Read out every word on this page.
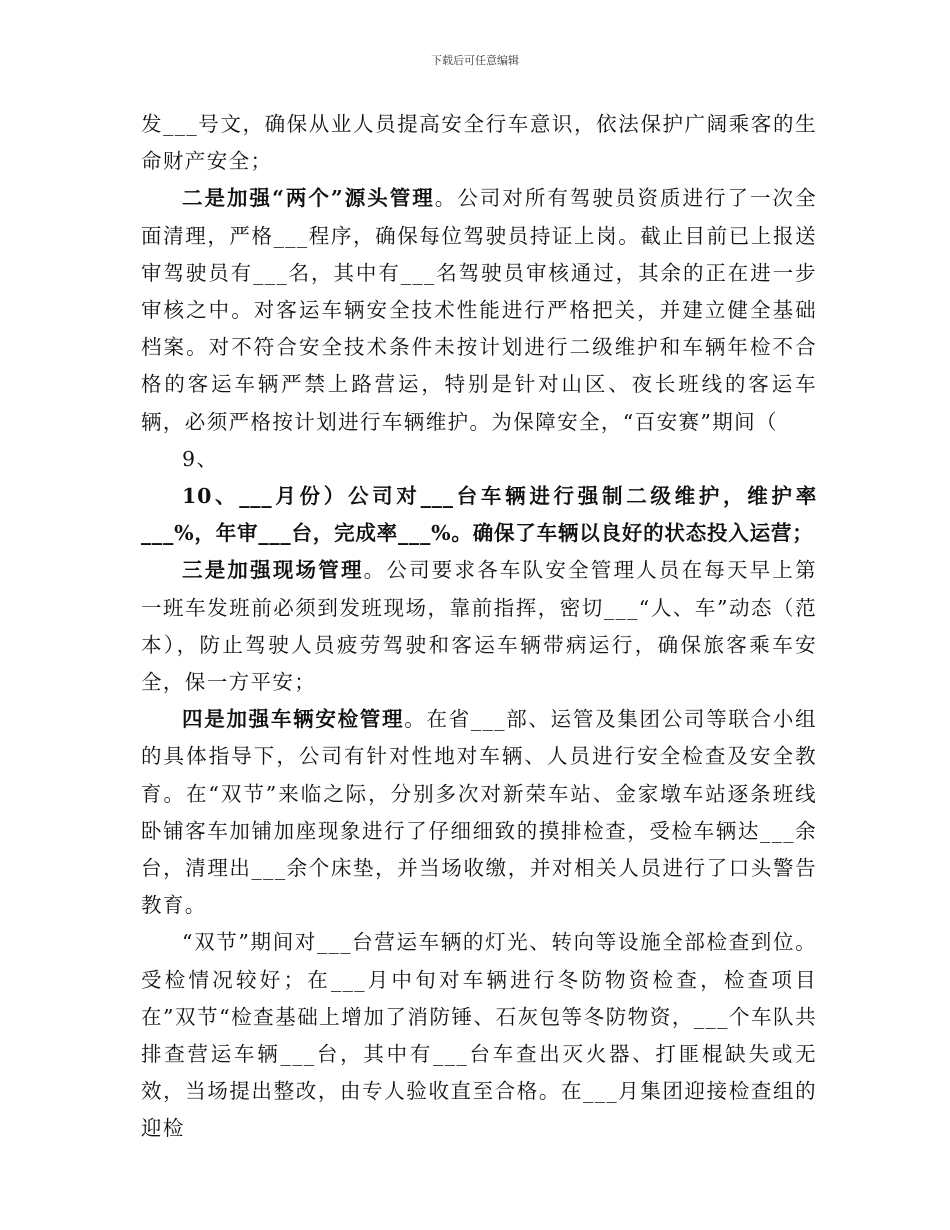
下载后可任意编辑

发___号文，确保从业人员提高安全行车意识，依法保护广阔乘客的生命财产安全；

二是加强“两个”源头管理。公司对所有驾驶员资质进行了一次全面清理，严格___程序，确保每位驾驶员持证上岗。截止目前已上报送审驾驶员有___名，其中有___名驾驶员审核通过，其余的正在进一步审核之中。对客运车辆安全技术性能进行严格把关，并建立健全基础档案。对不符合安全技术条件未按计划进行二级维护和车辆年检不合格的客运车辆严禁上路营运，特别是针对山区、夜长班线的客运车辆，必须严格按计划进行车辆维护。为保障安全，“百安赛”期间（

9、

10、___月份）公司对___台车辆进行强制二级维护，维护率___%，年审___台，完成率___%。确保了车辆以良好的状态投入运营；

三是加强现场管理。公司要求各车队安全管理人员在每天早上第一班车发班前必须到发班现场，靠前指挥，密切___“人、车”动态（范本），防止驾驶人员疲劳驾驶和客运车辆带病运行，确保旅客乘车安全，保一方平安；

四是加强车辆安检管理。在省___部、运管及集团公司等联合小组的具体指导下，公司有针对性地对车辆、人员进行安全检查及安全教育。在“双节”来临之际，分别多次对新荣车站、金家墩车站逐条班线卧铺客车加铺加座现象进行了仔细细致的摸排检查，受检车辆达___余台，清理出___余个床垫，并当场收缴，并对相关人员进行了口头警告教育。

“双节”期间对___台营运车辆的灯光、转向等设施全部检查到位。受检情况较好；在___月中旬对车辆进行冬防物资检查，检查项目在”双节“检查基础上增加了消防锤、石灰包等冬防物资，___个车队共排查营运车辆___台，其中有___台车查出灭火器、打匪棍缺失或无效，当场提出整改，由专人验收直至合格。在___月集团迎接检查组的迎检
